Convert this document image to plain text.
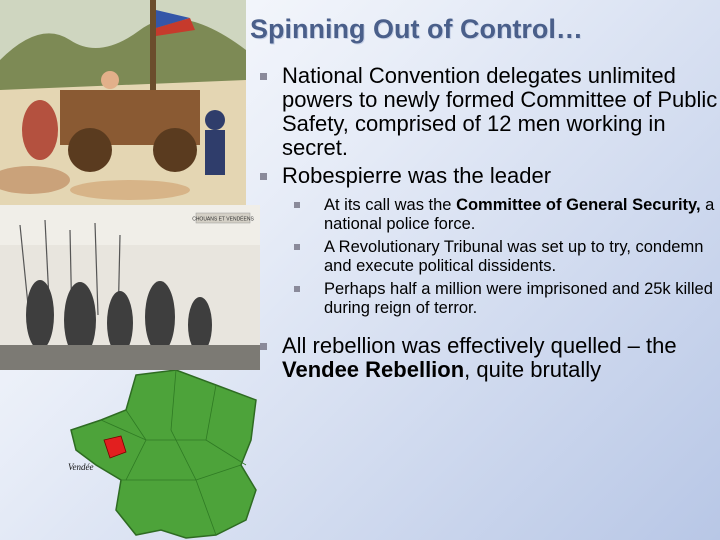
CHOUANS ET VENDÉENS
Vendée
Spinning Out of Control…
National Convention delegates unlimited powers to newly formed Committee of Public Safety, comprised of 12 men working in secret.
Robespierre was the leader
At its call was the Committee of General Security, a national police force.
A Revolutionary Tribunal was set up to try, condemn and execute political dissidents.
Perhaps half a million were imprisoned and 25k killed during reign of terror.
All rebellion was effectively quelled – the Vendee Rebellion, quite brutally
